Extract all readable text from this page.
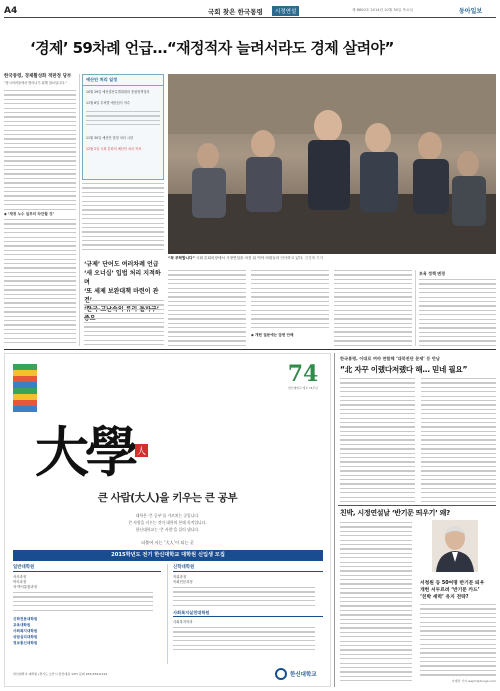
A4	국회 찾은 한국통령	시정연설	제 8800호 2014년 10월 30일 목요일	동아일보
‘경제’ 59차례 언급…“재정적자 늘려서라도 경제 살려야”
한국통령, 경제활성화 적판정 당부
“잠시어려움에서 벗어나기 위해 열쇠입니다.”
◆ ‘재정 누수 일부터 차단할 것’
예산안 처리 일정
10월 29일 예산결산특별위원회 종합정책질의
11월 6일 부처별 예산심사 착수
11월 30일 예산안 법정 처리 시한
12월 2일 국회 본회의 예산안 처리 목표
“꼭 부탁합니다” 국회 본회의장에서 시정연설을 마친 뒤 여야 의원들과 인사하고 있다. 김경제 기자
‘규제’ 단어도 여러차례 언급
‘새 오너십’ 입법 처리 지적하며
‘또 세제 보완대책 마련이 관
◆ 개헌 질문에는 답변 안해
보육 정책 변경
74
한신대학교 개교 74주년
大學 人
큰 사람(大人)을 키우는 큰 공부
대학은 ‘큰 공부’를 가르치는 곳입니다.
큰 사람을 키우는 것이 대학의 본래 목적입니다.
한신대학교는 ‘큰 사람’을 길러 냅니다.
더불어 사는 ‘大人’이 되는 곳
2015학년도 전기 한신대학교 대학원 신입생 모집
일반대학원
석사과정
박사과정
석·박사통합과정
신학전문대학원
교육대학원
사회복지대학원
상담심리대학원
정보통신대학원
신학대학원
학위과정
목회전문과정
사회복지실천대학원
사회복지학과
한신대학교 대학원 (경기도 오산시 한신대길 137) 문의 031)379-0114	한신대학교
한국통령, 이대로 여야 연합해 ‘대북전단 문제’ 등 만남
“北 자꾸 이랬다저랬다 해… 믿네 필요”
친박, 시정연설날 ‘반기문 띄우기’ 왜?
서청원 등 50여명 반기문 띄우
개헌 서두르려 ‘반기문 카드’
‘친박 세력’ 유지 전략?
이재명 기자 leejm@donga.com
